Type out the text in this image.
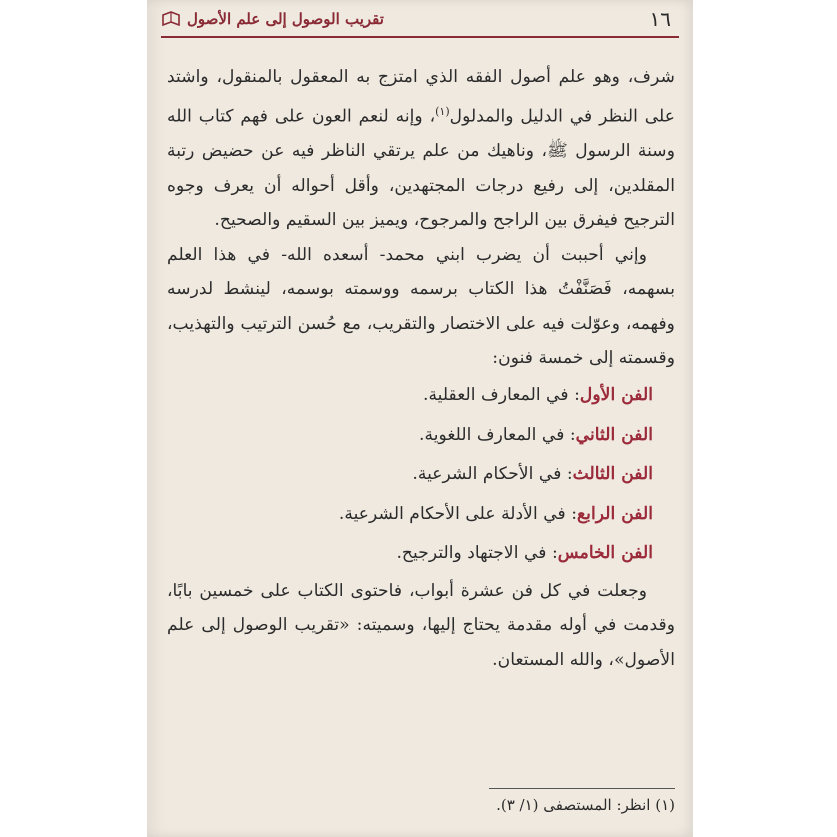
١٦
تقريب الوصول إلى علم الأصول

شرف، وهو علم أصول الفقه الذي امتزج به المعقول بالمنقول، واشتد على النظر في الدليل والمدلول$^{(١)}$، وإنه لنعم العون على فهم كتاب الله وسنة الرسول ﷺ، وناهيك من علم يرتقي الناظر فيه عن حضيض رتبة المقلدين، إلى رفيع درجات المجتهدين، وأقل أحواله أن يعرف وجوه الترجيح فيفرق بين الراجح والمرجوح، ويميز بين السقيم والصحيح.

وإني أحببت أن يضرب ابني محمد- أسعده الله- في هذا العلم بسهمه، فَصَنَّفْتُ هذا الكتاب برسمه ووسمته بوسمه، لينشط لدرسه وفهمه، وعوّلت فيه على الاختصار والتقريب، مع حُسن الترتيب والتهذيب، وقسمته إلى خمسة فنون:

الفن الأول: في المعارف العقلية.
الفن الثاني: في المعارف اللغوية.
الفن الثالث: في الأحكام الشرعية.
الفن الرابع: في الأدلة على الأحكام الشرعية.
الفن الخامس: في الاجتهاد والترجيح.

وجعلت في كل فن عشرة أبواب، فاحتوى الكتاب على خمسين بابًا، وقدمت في أوله مقدمة يحتاج إليها، وسميته: «تقريب الوصول إلى علم الأصول»، والله المستعان.

(١) انظر: المستصفى (١/ ٣).
